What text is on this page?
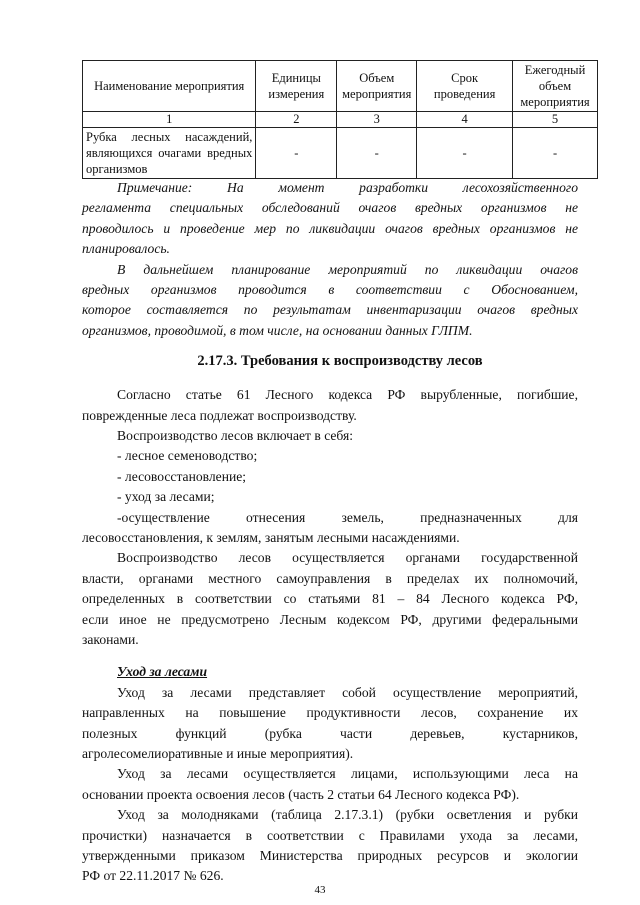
Наименование мероприятия	Единицы измерения	Объем мероприятия	Срок проведения	Ежегодный объем мероприятия
1	2	3	4	5
Рубка лесных насаждений, являющихся очагами вредных организмов	-	-	-	-
Примечание:	На момент разработки лесохозяйственного
регламента специальных обследований очагов вредных организмов не
проводилось и проведение мер по ликвидации очагов вредных организмов не
планировалось.
В дальнейшем планирование мероприятий по ликвидации очагов
вредных организмов проводится в соответствии с Обоснованием,
которое составляется по результатам инвентаризации очагов вредных
организмов, проводимой, в том числе, на основании данных ГЛПМ.
2.17.3. Требования к воспроизводству лесов
Согласно статье 61 Лесного кодекса РФ вырубленные, погибшие,
поврежденные леса подлежат воспроизводству.
Воспроизводство лесов включает в себя:
- лесное семеноводство;
- лесовосстановление;
- уход за лесами;
-осуществление отнесения земель, предназначенных для
лесовосстановления, к землям, занятым лесными насаждениями.
Воспроизводство лесов осуществляется органами государственной
власти, органами местного самоуправления в пределах их полномочий,
определенных в соответствии со статьями 81 – 84 Лесного кодекса РФ,
если иное не предусмотрено Лесным кодексом РФ, другими федеральными
законами.
Уход за лесами
Уход за лесами представляет собой осуществление мероприятий,
направленных на повышение продуктивности лесов, сохранение их
полезных функций (рубка части деревьев, кустарников,
агролесомелиоративные и иные мероприятия).
Уход за лесами осуществляется лицами, использующими леса на
основании проекта освоения лесов (часть 2 статьи 64 Лесного кодекса РФ).
Уход за молодняками (таблица 2.17.3.1) (рубки осветления и рубки
прочистки) назначается в соответствии с Правилами ухода за лесами,
утвержденными приказом Министерства природных ресурсов и экологии
РФ от 22.11.2017 № 626.
43
